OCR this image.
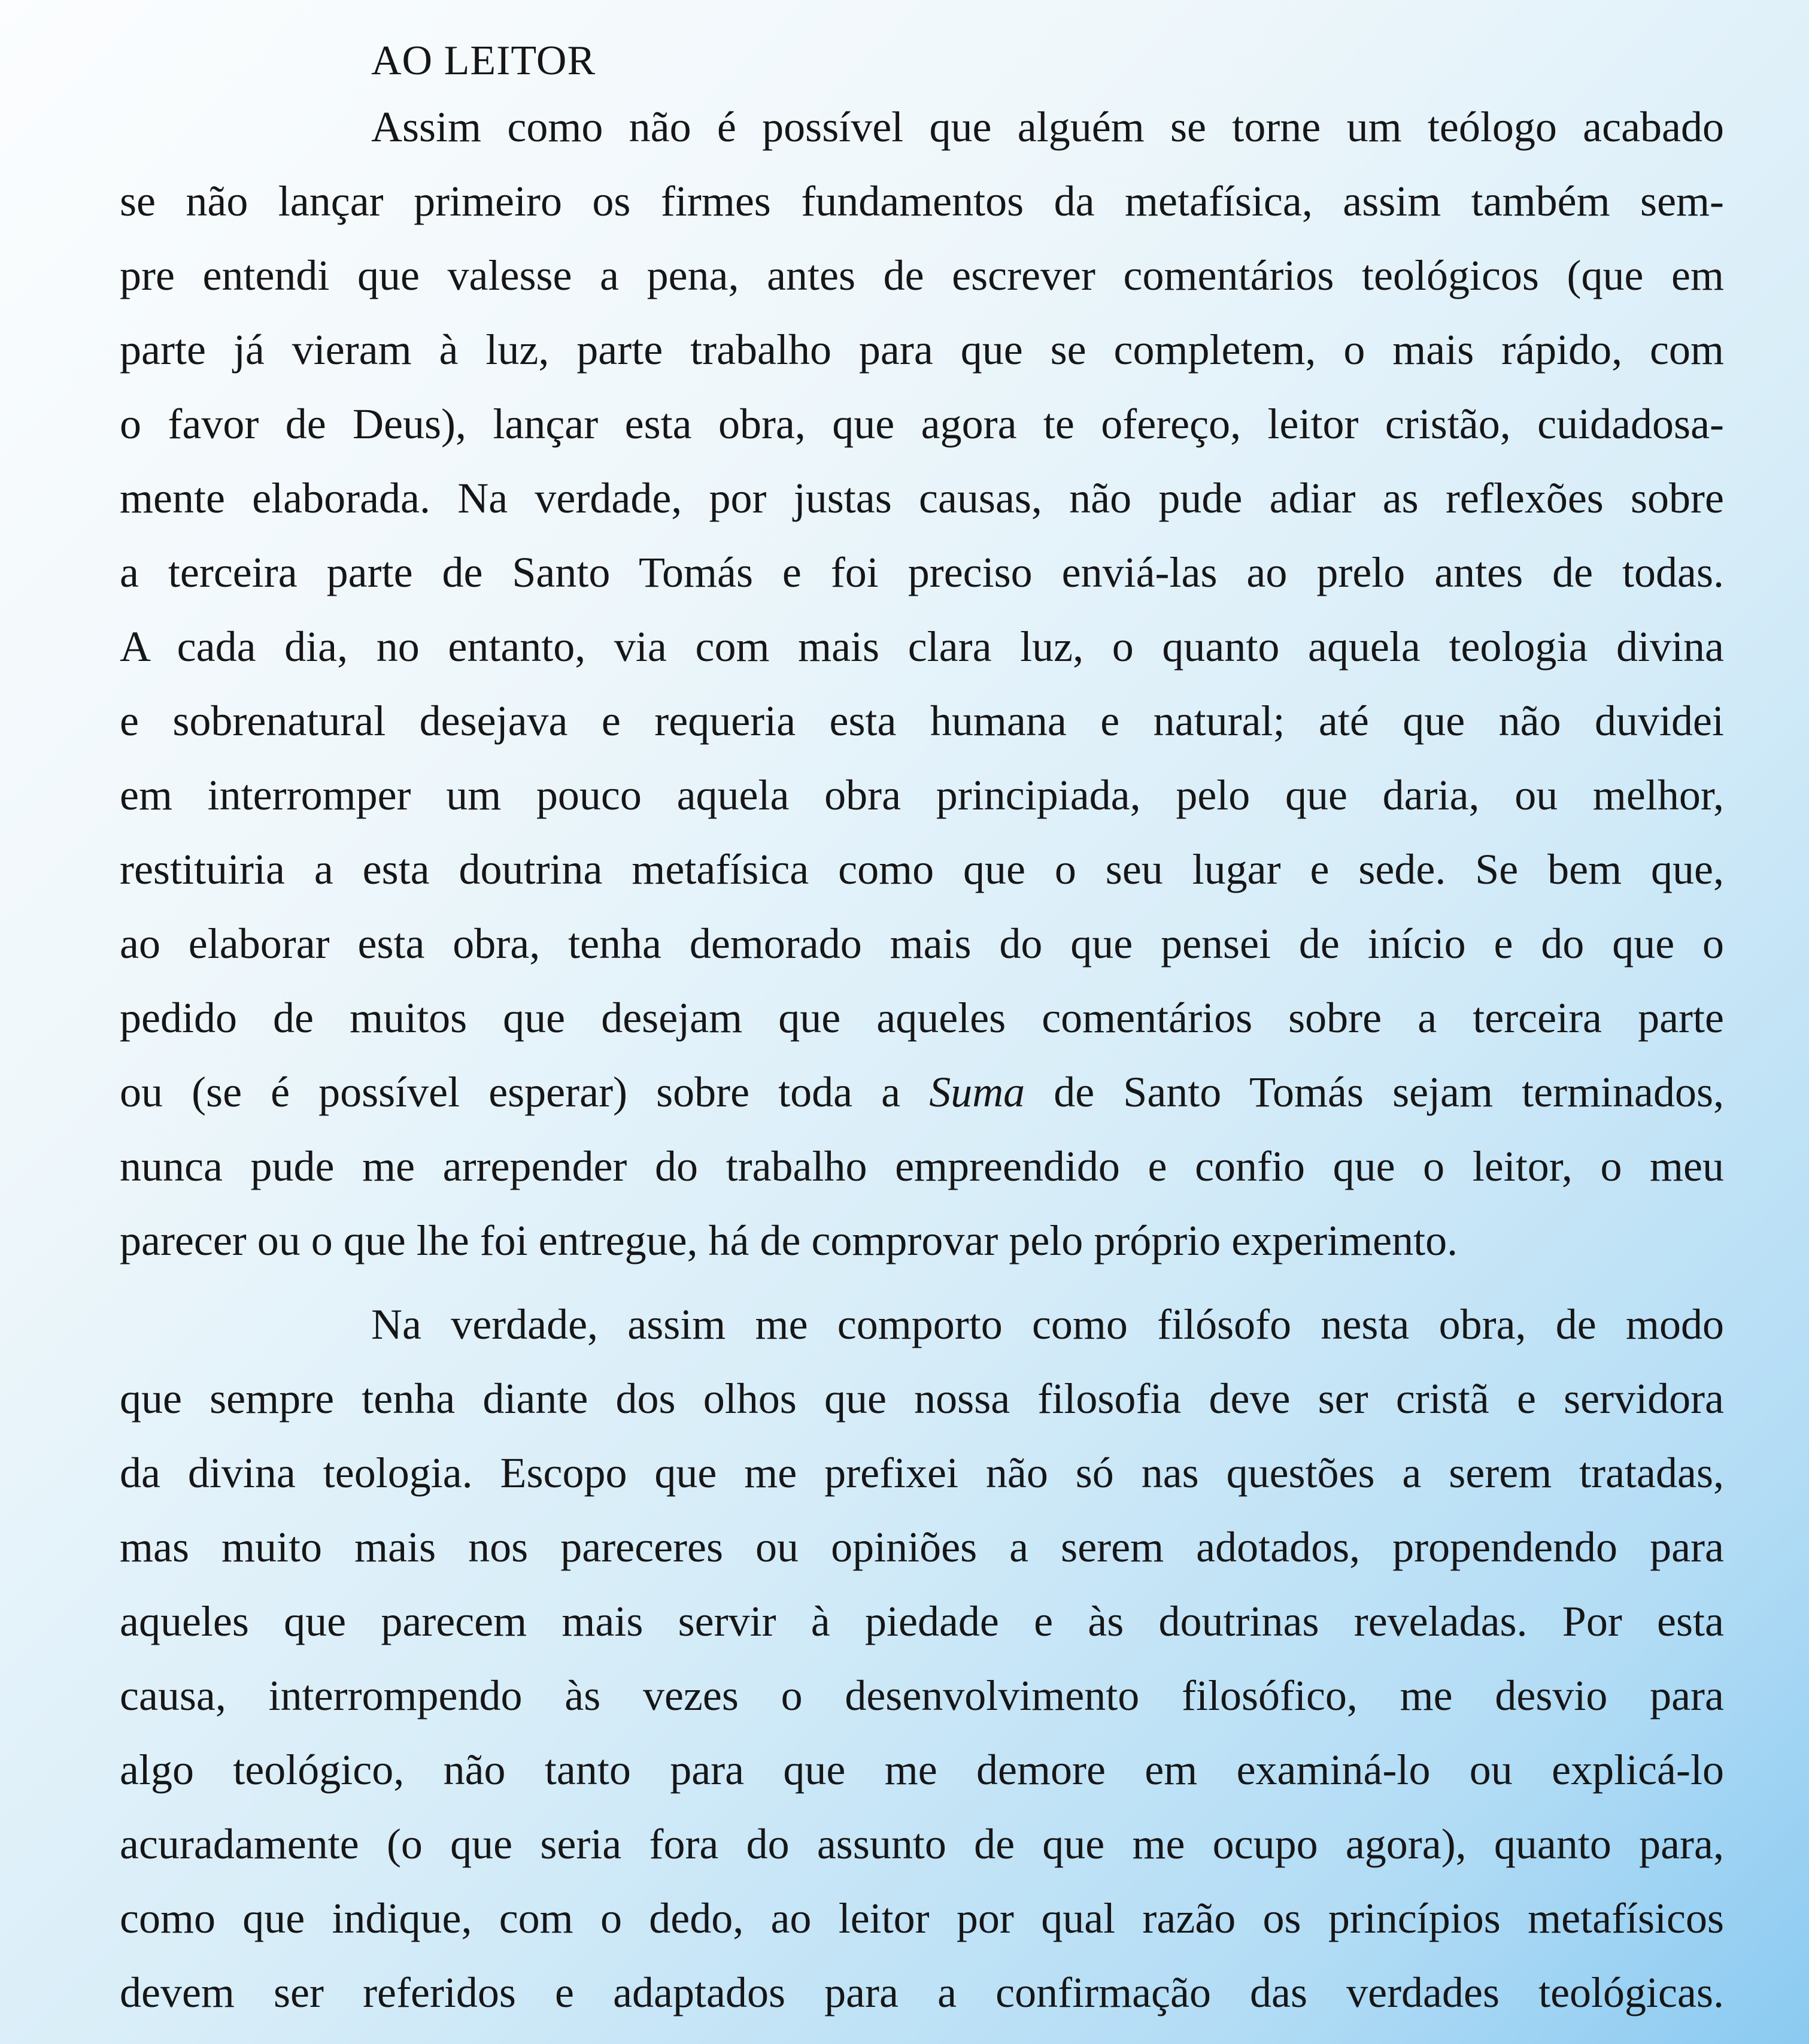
AO LEITOR
Assim como não é possível que alguém se torne um teólogo acabado
se não lançar primeiro os firmes fundamentos da metafísica, assim também sem-
pre entendi que valesse a pena, antes de escrever comentários teológicos (que em
parte já vieram à luz, parte trabalho para que se completem, o mais rápido, com
o favor de Deus), lançar esta obra, que agora te ofereço, leitor cristão, cuidadosa-
mente elaborada. Na verdade, por justas causas, não pude adiar as reflexões sobre
a terceira parte de Santo Tomás e foi preciso enviá-las ao prelo antes de todas.
A cada dia, no entanto, via com mais clara luz, o quanto aquela teologia divina
e sobrenatural desejava e requeria esta humana e natural; até que não duvidei
em interromper um pouco aquela obra principiada, pelo que daria, ou melhor,
restituiria a esta doutrina metafísica como que o seu lugar e sede. Se bem que,
ao elaborar esta obra, tenha demorado mais do que pensei de início e do que o
pedido de muitos que desejam que aqueles comentários sobre a terceira parte
ou (se é possível esperar) sobre toda a Suma de Santo Tomás sejam terminados,
nunca pude me arrepender do trabalho empreendido e confio que o leitor, o meu
parecer ou o que lhe foi entregue, há de comprovar pelo próprio experimento.
Na verdade, assim me comporto como filósofo nesta obra, de modo
que sempre tenha diante dos olhos que nossa filosofia deve ser cristã e servidora
da divina teologia. Escopo que me prefixei não só nas questões a serem tratadas,
mas muito mais nos pareceres ou opiniões a serem adotados, propendendo para
aqueles que parecem mais servir à piedade e às doutrinas reveladas. Por esta
causa, interrompendo às vezes o desenvolvimento filosófico, me desvio para
algo teológico, não tanto para que me demore em examiná-lo ou explicá-lo
acuradamente (o que seria fora do assunto de que me ocupo agora), quanto para,
como que indique, com o dedo, ao leitor por qual razão os princípios metafísicos
devem ser referidos e adaptados para a confirmação das verdades teológicas.
